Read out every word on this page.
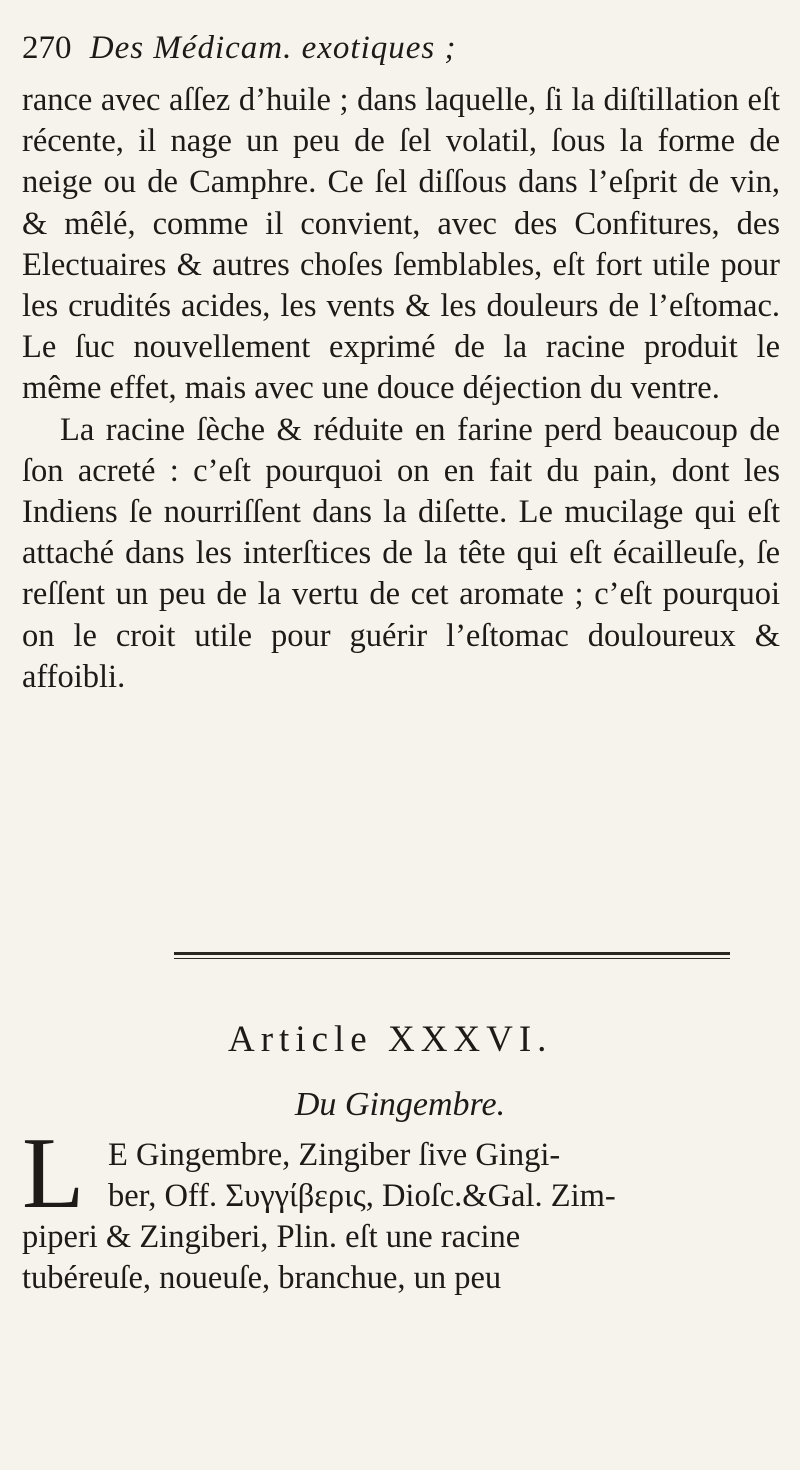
270 Des Médicam. exotiques ;

rance avec aſſez d’huile ; dans laquelle, ſi la diſtillation eſt récente, il nage un peu de ſel volatil, ſous la forme de neige ou de Camphre. Ce ſel diſſous dans l’eſprit de vin, & mêlé, comme il convient, avec des Confitures, des Electuaires & autres choſes ſemblables, eſt fort utile pour les crudités acides, les vents & les douleurs de l’eſtomac. Le ſuc nouvellement exprimé de la racine produit le même effet, mais avec une douce déjection du ventre.

La racine ſèche & réduite en farine perd beaucoup de ſon acreté : c’eſt pourquoi on en fait du pain, dont les Indiens ſe nourriſſent dans la diſette. Le mucilage qui eſt attaché dans les interſtices de la tête qui eſt écailleuſe, ſe reſſent un peu de la vertu de cet aromate ; c’eſt pourquoi on le croit utile pour guérir l’eſtomac douloureux & affoibli.

Article XXXVI.
Du Gingembre.
L E Gingembre, Zingiber ſive Gingi-
ber, Off. Συγγίβερις, Dioſc.&Gal. Zim-
piperi & Zingiberi, Plin. eſt une racine
tubéreuſe, noueuſe, branchue, un peu
